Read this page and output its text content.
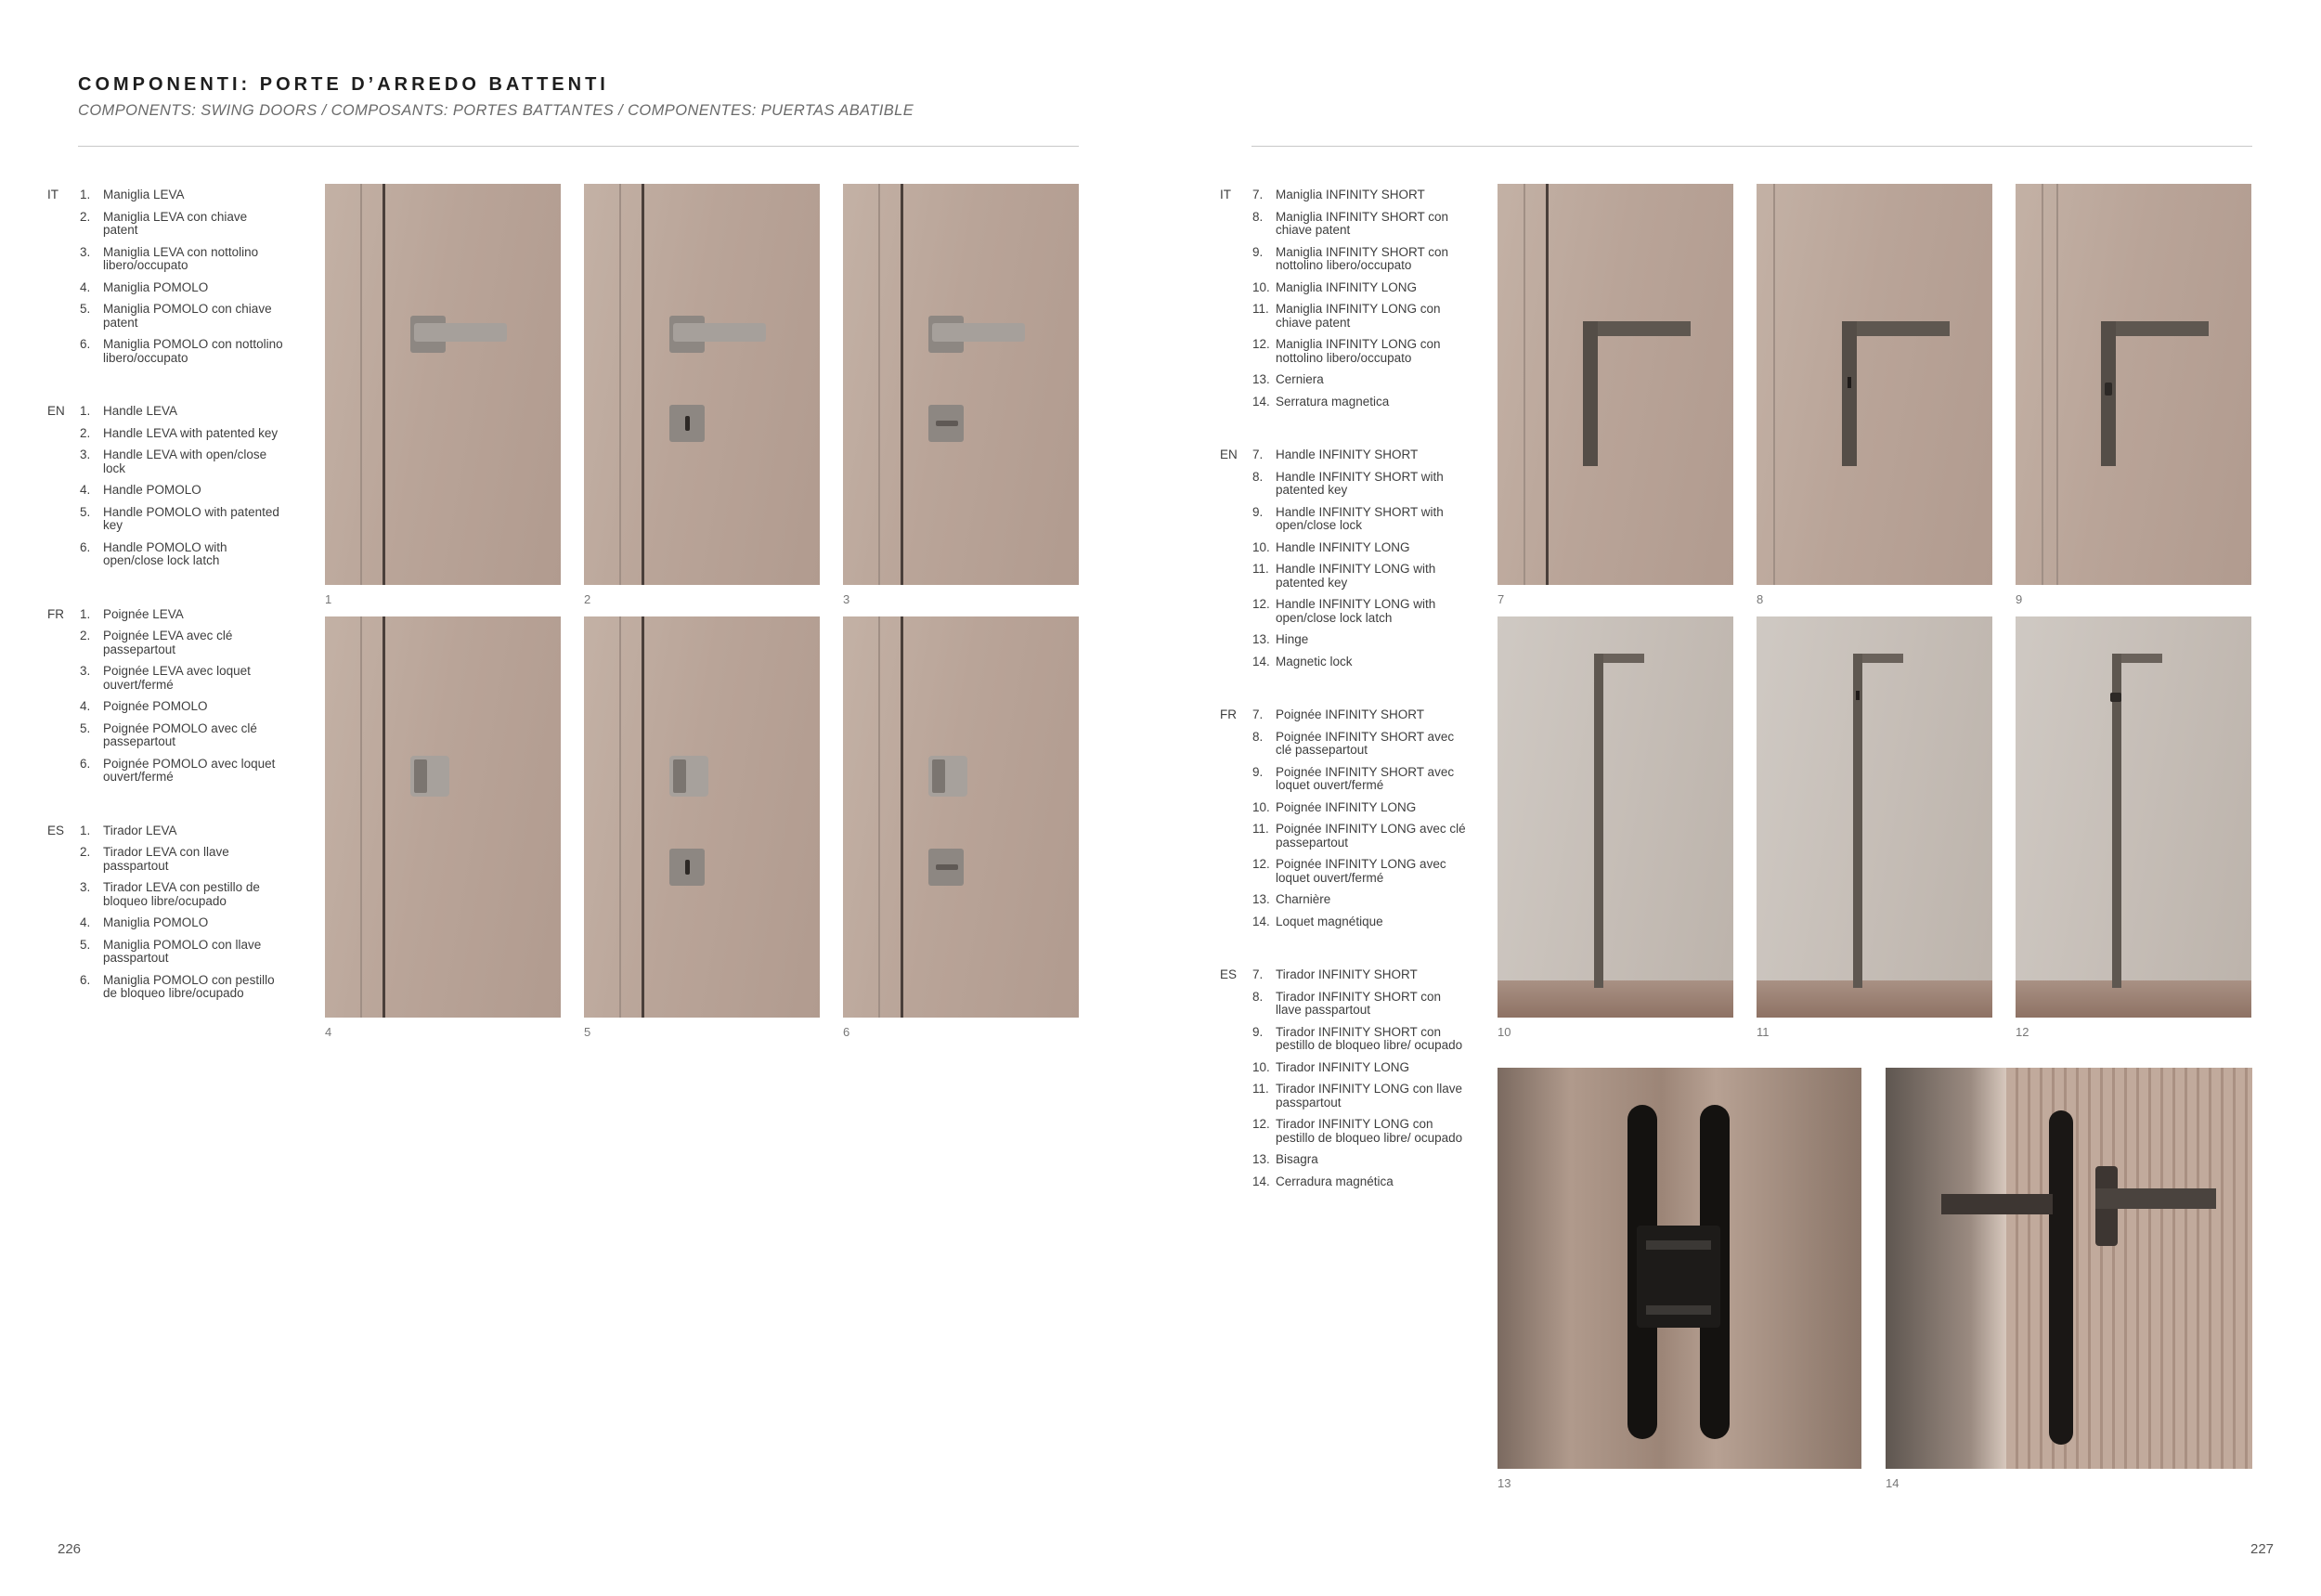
COMPONENTI: PORTE D’ARREDO BATTENTI
COMPONENTS: SWING DOORS / COMPOSANTS: PORTES BATTANTES / COMPONENTES: PUERTAS ABATIBLE
IT 1. Maniglia LEVA
2. Maniglia LEVA con chiave patent
3. Maniglia LEVA con nottolino libero/occupato
4. Maniglia POMOLO
5. Maniglia POMOLO con chiave patent
6. Maniglia POMOLO con nottolino libero/occupato
EN 1. Handle LEVA
2. Handle LEVA with patented key
3. Handle LEVA with open/close lock
4. Handle POMOLO
5. Handle POMOLO with patented key
6. Handle POMOLO with open/close lock latch
FR 1. Poignée LEVA
2. Poignée LEVA avec clé passepartout
3. Poignée LEVA avec loquet ouvert/fermé
4. Poignée POMOLO
5. Poignée POMOLO avec clé passepartout
6. Poignée POMOLO avec loquet ouvert/fermé
ES 1. Tirador LEVA
2. Tirador LEVA con llave passpartout
3. Tirador LEVA con pestillo de bloqueo libre/ocupado
4. Maniglia POMOLO
5. Maniglia POMOLO con llave passpartout
6. Maniglia POMOLO con pestillo de bloqueo libre/ocupado
IT 7. Maniglia INFINITY SHORT
8. Maniglia INFINITY SHORT con chiave patent
9. Maniglia INFINITY SHORT con nottolino libero/occupato
10. Maniglia INFINITY LONG
11. Maniglia INFINITY LONG con chiave patent
12. Maniglia INFINITY LONG con nottolino libero/occupato
13. Cerniera
14. Serratura magnetica
EN 7. Handle INFINITY SHORT
8. Handle INFINITY SHORT with patented key
9. Handle INFINITY SHORT with open/close lock
10. Handle INFINITY LONG
11. Handle INFINITY LONG with patented key
12. Handle INFINITY LONG with open/close lock latch
13. Hinge
14. Magnetic lock
FR 7. Poignée INFINITY SHORT
8. Poignée INFINITY SHORT avec clé passepartout
9. Poignée INFINITY SHORT avec loquet ouvert/fermé
10. Poignée INFINITY LONG
11. Poignée INFINITY LONG avec clé passepartout
12. Poignée INFINITY LONG avec loquet ouvert/fermé
13. Charnière
14. Loquet magnétique
ES 7. Tirador INFINITY SHORT
8. Tirador INFINITY SHORT con llave passpartout
9. Tirador INFINITY SHORT con pestillo de bloqueo libre/ ocupado
10. Tirador INFINITY LONG
11. Tirador INFINITY LONG con llave passpartout
12. Tirador INFINITY LONG con pestillo de bloqueo libre/ ocupado
13. Bisagra
14. Cerradura magnética
1	2	3
4	5	6
7	8	9
10	11	12
13	14
226	227
